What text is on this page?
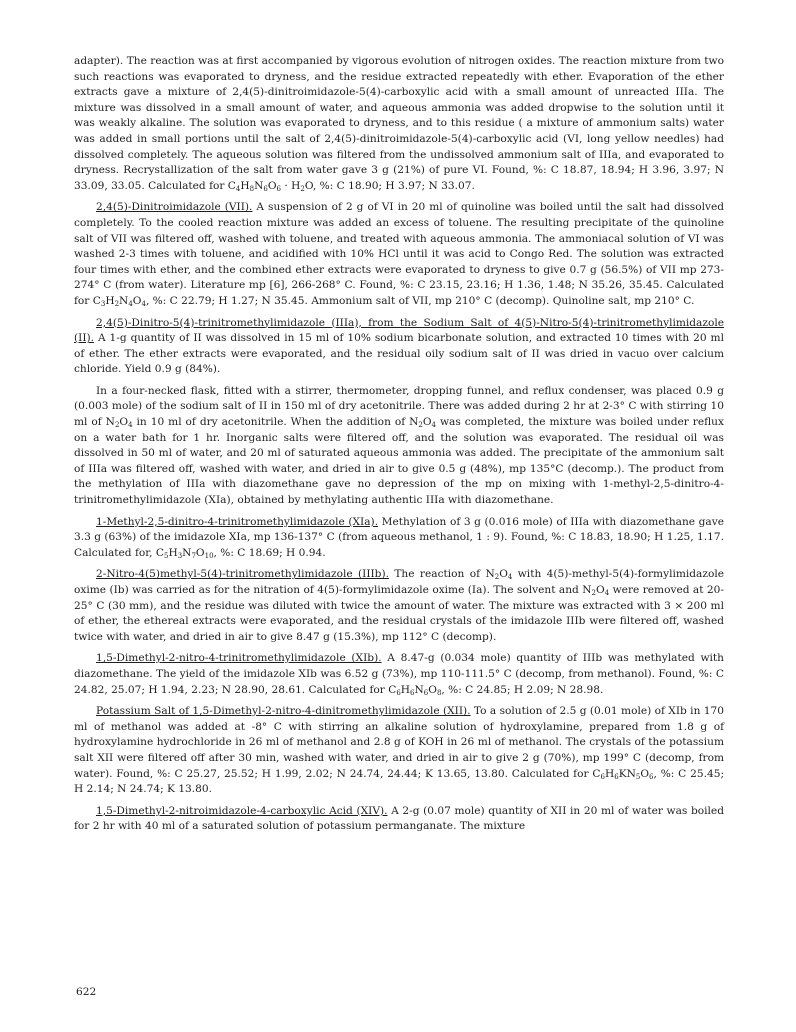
adapter). The reaction was at first accompanied by vigorous evolution of nitrogen oxides. The reaction mixture from two such reactions was evaporated to dryness, and the residue extracted repeatedly with ether. Evaporation of the ether extracts gave a mixture of 2,4(5)-dinitroimidazole-5(4)-carboxylic acid with a small amount of unreacted IIIa. The mixture was dissolved in a small amount of water, and aqueous ammonia was added dropwise to the solution until it was weakly alkaline. The solution was evaporated to dryness, and to this residue ( a mixture of ammonium salts) water was added in small portions until the salt of 2,4(5)-dinitroimidazole-5(4)-carboxylic acid (VI, long yellow needles) had dissolved completely. The aqueous solution was filtered from the undissolved ammonium salt of IIIa, and evaporated to dryness. Recrystallization of the salt from water gave 3 g (21%) of pure VI. Found, %: C 18.87, 18.94; H 3.96, 3.97; N 33.09, 33.05. Calculated for $C_4H_8N_6O_6 \cdot H_2O$, %: C 18.90; H 3.97; N 33.07.

2,4(5)-Dinitroimidazole (VII). A suspension of 2 g of VI in 20 ml of quinoline was boiled until the salt had dissolved completely. To the cooled reaction mixture was added an excess of toluene. The resulting precipitate of the quinoline salt of VII was filtered off, washed with toluene, and treated with aqueous ammonia. The ammoniacal solution of VI was washed 2-3 times with toluene, and acidified with 10% HCl until it was acid to Congo Red. The solution was extracted four times with ether, and the combined ether extracts were evaporated to dryness to give 0.7 g (56.5%) of VII mp 273-274° C (from water). Literature mp [6], 266-268° C. Found, %: C 23.15, 23.16; H 1.36, 1.48; N 35.26, 35.45. Calculated for $C_3H_2N_4O_4$, %: C 22.79; H 1.27; N 35.45. Ammonium salt of VII, mp 210° C (decomp). Quinoline salt, mp 210° C.

2,4(5)-Dinitro-5(4)-trinitromethylimidazole (IIIa), from the Sodium Salt of 4(5)-Nitro-5(4)-trinitromethylimidazole (II). A 1-g quantity of II was dissolved in 15 ml of 10% sodium bicarbonate solution, and extracted 10 times with 20 ml of ether. The ether extracts were evaporated, and the residual oily sodium salt of II was dried in vacuo over calcium chloride. Yield 0.9 g (84%).

In a four-necked flask, fitted with a stirrer, thermometer, dropping funnel, and reflux condenser, was placed 0.9 g (0.003 mole) of the sodium salt of II in 150 ml of dry acetonitrile. There was added during 2 hr at 2-3° C with stirring 10 ml of $N_2O_4$ in 10 ml of dry acetonitrile. When the addition of $N_2O_4$ was completed, the mixture was boiled under reflux on a water bath for 1 hr. Inorganic salts were filtered off, and the solution was evaporated. The residual oil was dissolved in 50 ml of water, and 20 ml of saturated aqueous ammonia was added. The precipitate of the ammonium salt of IIIa was filtered off, washed with water, and dried in air to give 0.5 g (48%), mp 135°C (decomp.). The product from the methylation of IIIa with diazomethane gave no depression of the mp on mixing with 1-methyl-2,5-dinitro-4-trinitromethylimidazole (XIa), obtained by methylating authentic IIIa with diazomethane.

1-Methyl-2,5-dinitro-4-trinitromethylimidazole (XIa). Methylation of 3 g (0.016 mole) of IIIa with diazomethane gave 3.3 g (63%) of the imidazole XIa, mp 136-137° C (from aqueous methanol, 1 : 9). Found, %: C 18.83, 18.90; H 1.25, 1.17. Calculated for, $C_5H_3N_7O_{10}$, %: C 18.69; H 0.94.

2-Nitro-4(5)methyl-5(4)-trinitromethylimidazole (IIIb). The reaction of $N_2O_4$ with 4(5)-methyl-5(4)-formylimidazole oxime (Ib) was carried as for the nitration of 4(5)-formylimidazole oxime (Ia). The solvent and $N_2O_4$ were removed at 20-25° C (30 mm), and the residue was diluted with twice the amount of water. The mixture was extracted with 3 × 200 ml of ether, the ethereal extracts were evaporated, and the residual crystals of the imidazole IIIb were filtered off, washed twice with water, and dried in air to give 8.47 g (15.3%), mp 112° C (decomp).

1,5-Dimethyl-2-nitro-4-trinitromethylimidazole (XIb). A 8.47-g (0.034 mole) quantity of IIIb was methylated with diazomethane. The yield of the imidazole XIb was 6.52 g (73%), mp 110-111.5° C (decomp, from methanol). Found, %: C 24.82, 25.07; H 1.94, 2.23; N 28.90, 28.61. Calculated for $C_6H_6N_6O_8$, %: C 24.85; H 2.09; N 28.98.

Potassium Salt of 1,5-Dimethyl-2-nitro-4-dinitromethylimidazole (XII). To a solution of 2.5 g (0.01 mole) of XIb in 170 ml of methanol was added at -8° C with stirring an alkaline solution of hydroxylamine, prepared from 1.8 g of hydroxylamine hydrochloride in 26 ml of methanol and 2.8 g of KOH in 26 ml of methanol. The crystals of the potassium salt XII were filtered off after 30 min, washed with water, and dried in air to give 2 g (70%), mp 199° C (decomp, from water). Found, %: C 25.27, 25.52; H 1.99, 2.02; N 24.74, 24.44; K 13.65, 13.80. Calculated for $C_6H_6KN_5O_6$, %: C 25.45; H 2.14; N 24.74; K 13.80.

1,5-Dimethyl-2-nitroimidazole-4-carboxylic Acid (XIV). A 2-g (0.07 mole) quantity of XII in 20 ml of water was boiled for 2 hr with 40 ml of a saturated solution of potassium permanganate. The mixture

622
